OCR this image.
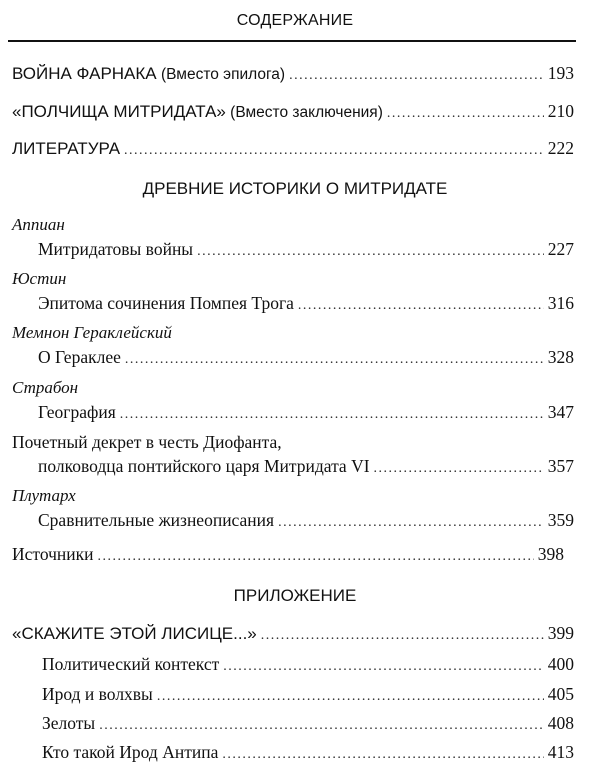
СОДЕРЖАНИЕ
ВОЙНА ФАРНАКА (Вместо эпилога) .....	193
«ПОЛЧИЩА МИТРИДАТА» (Вместо заключения) .....	210
ЛИТЕРАТУРА .....	222
ДРЕВНИЕ ИСТОРИКИ О МИТРИДАТЕ
Аппиан
Митридатовы войны .....	227
Юстин
Эпитома сочинения Помпея Трога .....	316
Мемнон Гераклейский
О Гераклее .....	328
Страбон
География .....	347
Почетный декрет в честь Диофанта,
полководца понтийского царя Митридата VI .....	357
Плутарх
Сравнительные жизнеописания .....	359
Источники .....	398
ПРИЛОЖЕНИЕ
«СКАЖИТЕ ЭТОЙ ЛИСИЦЕ...» .....	399
Политический контекст .....	400
Ирод и волхвы .....	405
Зелоты .....	408
Кто такой Ирод Антипа .....	413
